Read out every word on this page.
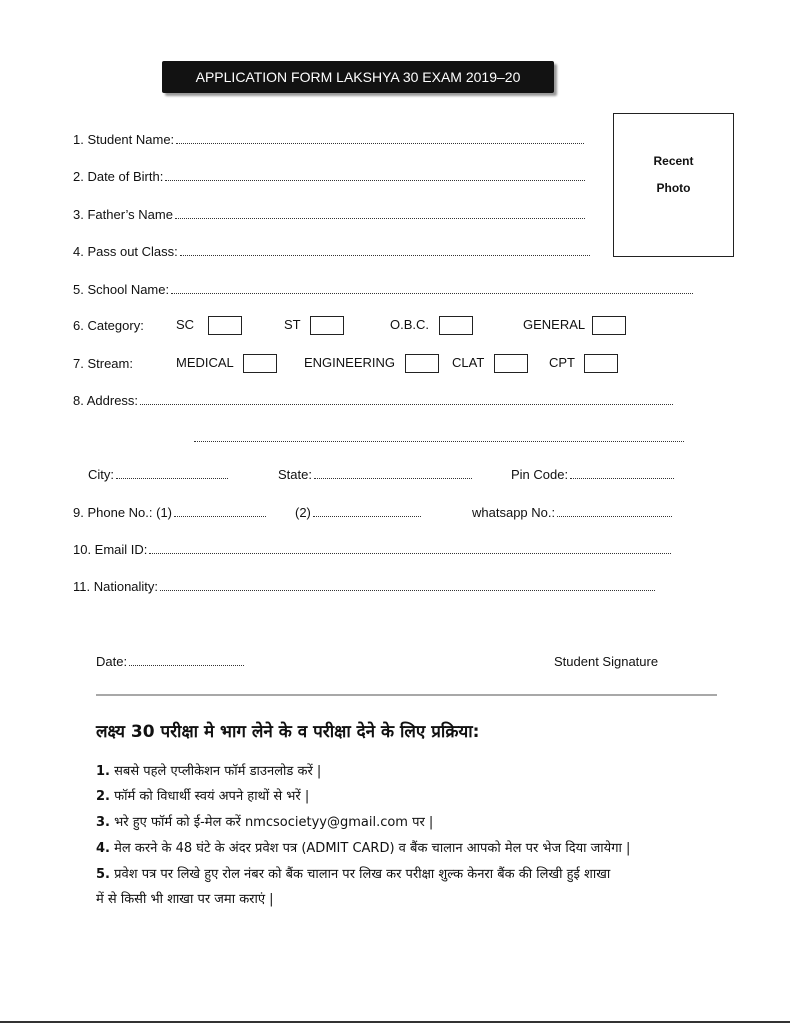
APPLICATION FORM LAKSHYA 30 EXAM 2019–20
Recent
Photo
1. Student Name:
2. Date of Birth:
3. Father’s Name
4. Pass out Class:
5. School Name:
6. Category: SC	ST	O.B.C.	GENERAL
7. Stream:	MEDICAL	ENGINEERING	CLAT	CPT
8. Address:
City:	State:	Pin Code:
9. Phone No.: (1)	(2)	whatsapp No.:
10. Email ID:
11. Nationality:
Date:	Student Signature
लक्ष्य 30 परीक्षा मे भाग लेने के व परीक्षा देने के लिए प्रक्रिया:
1. सबसे पहले एप्लीकेशन फॉर्म डाउनलोड करें |
2. फॉर्म को विधार्थी स्वयं अपने हाथों से भरें |
3. भरे हुए फॉर्म को ई-मेल करें nmcsocietyy@gmail.com पर |
4. मेल करने के 48 घंटे के अंदर प्रवेश पत्र (ADMIT CARD) व बैंक चालान आपको मेल पर भेज दिया जायेगा |
5. प्रवेश पत्र पर लिखे हुए रोल नंबर को बैंक चालान पर लिख कर परीक्षा शुल्क केनरा बैंक की लिखी हुई शाखा
में से किसी भी शाखा पर जमा कराएं |
